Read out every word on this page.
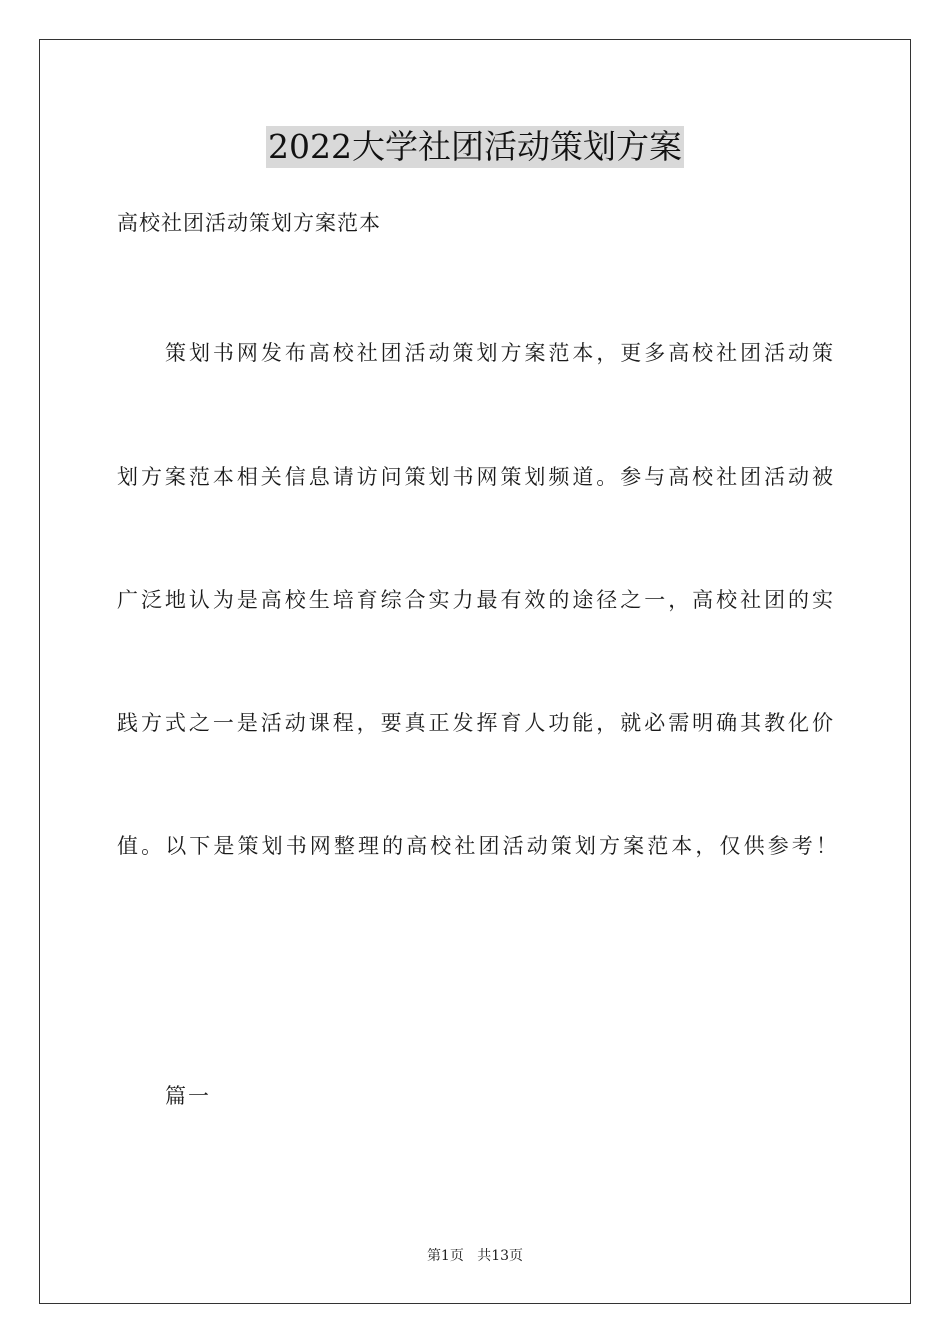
2022大学社团活动策划方案
高校社团活动策划方案范本
策划书网发布高校社团活动策划方案范本，更多高校社团活动策
划方案范本相关信息请访问策划书网策划频道。参与高校社团活动被
广泛地认为是高校生培育综合实力最有效的途径之一，高校社团的实
践方式之一是活动课程，要真正发挥育人功能，就必需明确其教化价
值。以下是策划书网整理的高校社团活动策划方案范本，仅供参考！
篇一
第1页 共13页
